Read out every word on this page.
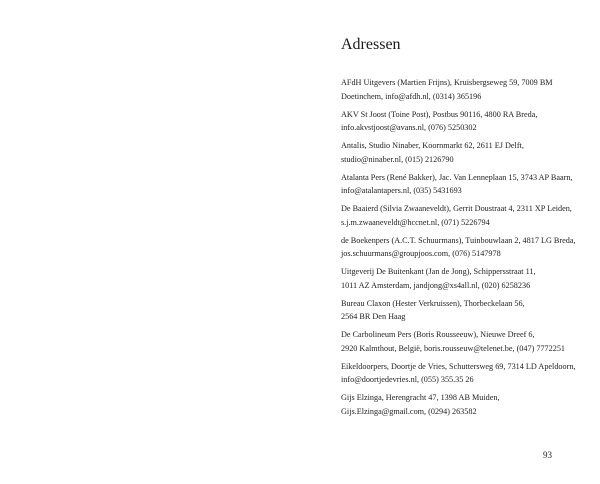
Adressen
AFdH Uitgevers (Martien Frijns), Kruisbergseweg 59, 7009 BM
Doetinchem, info@afdh.nl, (0314) 365196
AKV St Joost (Toine Post), Postbus 90116, 4800 RA Breda,
info.akvstjoost@avans.nl, (076) 5250302
Antalis, Studio Ninaber, Koornmarkt 62, 2611 EJ Delft,
studio@ninaber.nl, (015) 2126790
Atalanta Pers (René Bakker), Jac. Van Lenneplaan 15, 3743 AP Baarn,
info@atalantapers.nl, (035) 5431693
De Baaierd (Silvia Zwaaneveldt), Gerrit Doustraat 4, 2311 XP Leiden,
s.j.m.zwaaneveldt@hccnet.nl, (071) 5226794
de Boekenpers (A.C.T. Schuurmans), Tuinbouwlaan 2, 4817 LG Breda,
jos.schuurmans@groupjoos.com, (076) 5147978
Uitgeverij De Buitenkant (Jan de Jong), Schippersstraat 11,
1011 AZ Amsterdam, jandjong@xs4all.nl, (020) 6258236
Bureau Claxon (Hester Verkruissen), Thorbeckelaan 56,
2564 BR Den Haag
De Carbolineum Pers (Boris Rousseeuw), Nieuwe Dreef 6,
2920 Kalmthout, België, boris.rousseuw@telenet.be, (047) 7772251
Eikeldoorpers, Doortje de Vries, Schuttersweg 69, 7314 LD Apeldoorn,
info@doortjedevries.nl, (055) 355.35 26
Gijs Elzinga, Herengracht 47, 1398 AB Muiden,
Gijs.Elzinga@gmail.com, (0294) 263582
93
